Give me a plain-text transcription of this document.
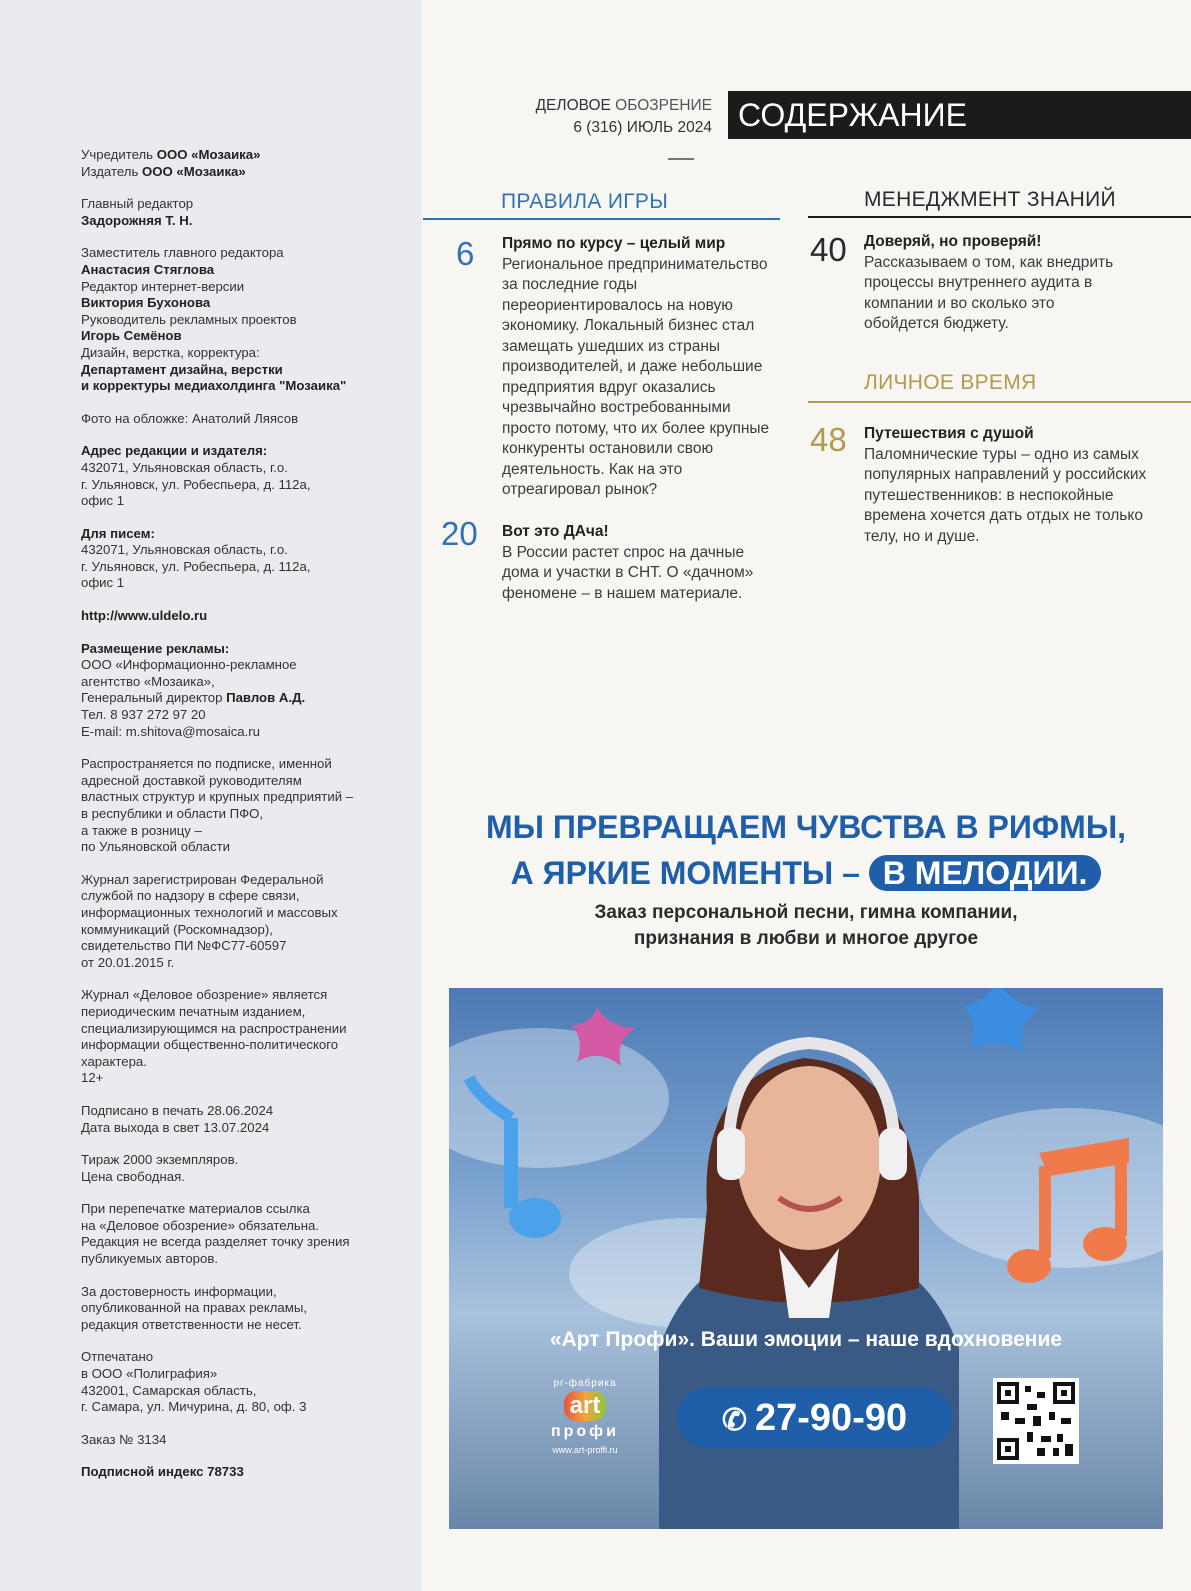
Учредитель ООО «Мозаика»
Издатель ООО «Мозаика»

Главный редактор
Задорожняя Т. Н.

Заместитель главного редактора
Анастасия Стяглова
Редактор интернет-версии
Виктория Бухонова
Руководитель рекламных проектов
Игорь Семёнов
Дизайн, верстка, корректура:
Департамент дизайна, верстки
и корректуры медиахолдинга "Мозаика"

Фото на обложке: Анатолий Ляясов

Адрес редакции и издателя:
432071, Ульяновская область, г.о.
г. Ульяновск, ул. Робеспьера, д. 112а,
офис 1

Для писем:
432071, Ульяновская область, г.о.
г. Ульяновск, ул. Робеспьера, д. 112а,
офис 1

http://www.uldelo.ru

Размещение рекламы:
ООО «Информационно-рекламное
агентство «Мозаика»,
Генеральный директор Павлов А.Д.
Тел. 8 937 272 97 20
E-mail: m.shitova@mosaica.ru

Распространяется по подписке, именной
адресной доставкой руководителям
властных структур и крупных предприятий –
в республики и области ПФО,
а также в розницу –
по Ульяновской области

Журнал зарегистрирован Федеральной
службой по надзору в сфере связи,
информационных технологий и массовых
коммуникаций (Роскомнадзор),
свидетельство ПИ №ФС77-60597
от 20.01.2015 г.

Журнал «Деловое обозрение» является
периодическим печатным изданием,
специализирующимся на распространении
информации общественно-политического
характера.
12+

Подписано в печать 28.06.2024
Дата выхода в свет 13.07.2024

Тираж 2000 экземпляров.
Цена свободная.

При перепечатке материалов ссылка
на «Деловое обозрение» обязательна.
Редакция не всегда разделяет точку зрения
публикуемых авторов.

За достоверность информации,
опубликованной на правах рекламы,
редакция ответственности не несет.

Отпечатано
в ООО «Полиграфия»
432001, Самарская область,
г. Самара, ул. Мичурина, д. 80, оф. 3

Заказ № 3134

Подписной индекс 78733

ДЕЛОВОЕ ОБОЗРЕНИЕ
6 (316) ИЮЛЬ 2024 СОДЕРЖАНИЕ
ПРАВИЛА ИГРЫ
6 Прямо по курсу – целый мир
Региональное предпринимательство за последние годы переориентировалось на новую экономику. Локальный бизнес стал замещать ушедших из страны производителей, и даже небольшие предприятия вдруг оказались чрезвычайно востребованными просто потому, что их более крупные конкуренты остановили свою деятельность. Как на это отреагировал рынок?
20 Вот это ДАча!
В России растет спрос на дачные дома и участки в СНТ. О «дачном» феномене – в нашем материале.
МЕНЕДЖМЕНТ ЗНАНИЙ
40 Доверяй, но проверяй!
Рассказываем о том, как внедрить процессы внутреннего аудита в компании и во сколько это обойдется бюджету.
ЛИЧНОЕ ВРЕМЯ
48 Путешествия с душой
Паломнические туры – одно из самых популярных направлений у российских путешественников: в неспокойные времена хочется дать отдых не только телу, но и душе.
МЫ ПРЕВРАЩАЕМ ЧУВСТВА В РИФМЫ,
А ЯРКИЕ МОМЕНТЫ – В МЕЛОДИИ.
Заказ персональной песни, гимна компании,
признания в любви и многое другое
«Арт Профи». Ваши эмоции – наше вдохновение
pr-фабрика
art
профи
www.art-proffi.ru
✆ 27-90-90
